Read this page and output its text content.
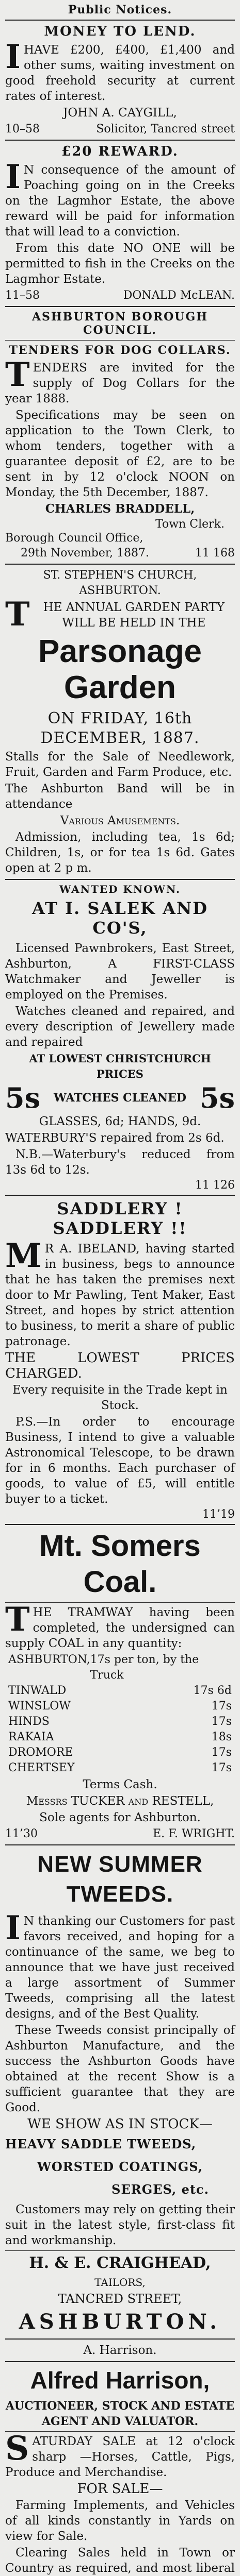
Public Notices.
MONEY TO LEND.
IHAVE £200, £400, £1,400 and other sums, waiting investment on good freehold security at current rates of interest.
JOHN A. CAYGILL,
10–58	Solicitor, Tancred street
£20 REWARD.
IN consequence of the amount of Poaching going on in the Creeks on the Lagmhor Estate, the above reward will be paid for information that will lead to a conviction.
From this date NO ONE will be permitted to fish in the Creeks on the Lagmhor Estate.
11–58	DONALD McLEAN.
ASHBURTON BOROUGH COUNCIL.
TENDERS FOR DOG COLLARS.
TENDERS are invited for the supply of Dog Collars for the year 1888.
Specifications may be seen on application to the Town Clerk, to whom tenders, together with a guarantee deposit of £2, are to be sent in by 12 o'clock NOON on Monday, the 5th December, 1887.
CHARLES BRADDELL,
Town Clerk.
Borough Council Office,
29th November, 1887.	11 168
ST. STEPHEN'S CHURCH, ASHBURTON.
THE ANNUAL GARDEN PARTY WILL BE HELD IN THE
Parsonage Garden
ON FRIDAY, 16th DECEMBER, 1887.
Stalls for the Sale of Needlework, Fruit, Garden and Farm Produce, etc.
The Ashburton Band will be in attendance
Various Amusements.
Admission, including tea, 1s 6d; Children, 1s, or for tea 1s 6d. Gates open at 2 p m.
WANTED KNOWN.
AT I. SALEK AND CO'S,
Licensed Pawnbrokers, East Street, Ashburton, A FIRST-CLASS Watchmaker and Jeweller is employed on the Premises.
Watches cleaned and repaired, and every description of Jewellery made and repaired
AT LOWEST CHRISTCHURCH PRICES
5s WATCHES CLEANED 5s
GLASSES, 6d; HANDS, 9d.
WATERBURY'S repaired from 2s 6d.
N.B.—Waterbury's reduced from 13s 6d to 12s.
11 126
SADDLERY ! SADDLERY !!
MR A. IBELAND, having started in business, begs to announce that he has taken the premises next door to Mr Pawling, Tent Maker, East Street, and hopes by strict attention to business, to merit a share of public patronage.
THE LOWEST PRICES CHARGED.
Every requisite in the Trade kept in Stock.
P.S.—In order to encourage Business, I intend to give a valuable Astronomical Telescope, to be drawn for in 6 months. Each purchaser of goods, to value of £5, will entitle buyer to a ticket.
11’19
Mt. Somers Coal.
THE TRAMWAY having been completed, the undersigned can supply COAL in any quantity:
ASHBURTON, 17s per ton, by the Truck
TINWALD	17s 6d
WINSLOW	17s
HINDS	17s
RAKAIA	18s
DROMORE	17s
CHERTSEY	17s
Terms Cash.
Messrs TUCKER and RESTELL,
Sole agents for Ashburton.
11’30	E. F. WRIGHT.
NEW SUMMER TWEEDS.
IN thanking our Customers for past favors received, and hoping for a continuance of the same, we beg to announce that we have just received a large assortment of Summer Tweeds, comprising all the latest designs, and of the Best Quality.
These Tweeds consist principally of Ashburton Manufacture, and the success the Ashburton Goods have obtained at the recent Show is a sufficient guarantee that they are Good.
WE SHOW AS IN STOCK—
HEAVY SADDLE TWEEDS,
WORSTED COATINGS,
SERGES, etc.
Customers may rely on getting their suit in the latest style, first-class fit and workmanship.
H. & E. CRAIGHEAD,
TAILORS,
TANCRED STREET,
ASHBURTON.
A. Harrison.
Alfred Harrison,
AUCTIONEER, STOCK AND ESTATE AGENT AND VALUATOR.
SATURDAY SALE at 12 o'clock sharp —Horses, Cattle, Pigs, Produce and Merchandise.
FOR SALE—
Farming Implements, and Vehicles of all kinds constantly in Yards on view for Sale.
Clearing Sales held in Town or Country as required, and most liberal
